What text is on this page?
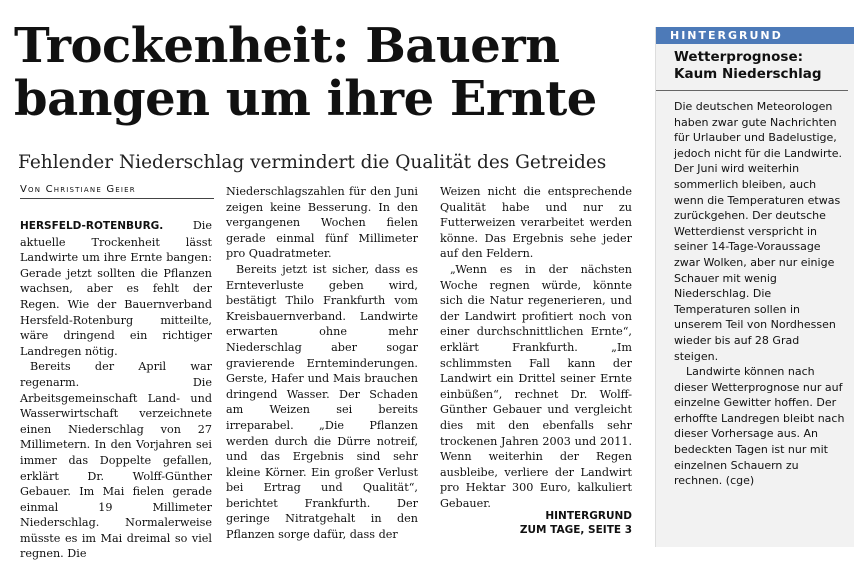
Trockenheit: Bauern
bangen um ihre Ernte

Fehlender Niederschlag vermindert die Qualität des Getreides

Von Christiane Geier

HERSFELD-ROTENBURG.	Die aktuelle Trockenheit lässt Landwirte um ihre Ernte bangen: Gerade jetzt sollten die Pflanzen wachsen, aber es fehlt der Regen. Wie der Bauernverband Hersfeld-Rotenburg mitteilte, wäre dringend ein richtiger Landregen nötig.

Bereits der April war regenarm. Die Arbeitsgemeinschaft Land- und Wasserwirtschaft verzeichnete einen Niederschlag von 27 Millimetern. In den Vorjahren sei immer das Doppelte gefallen, erklärt Dr. Wolff-Günther Gebauer. Im Mai fielen gerade einmal 19 Millimeter Niederschlag. Normalerweise müsste es im Mai dreimal so viel regnen. Die

Niederschlagszahlen für den Juni zeigen keine Besserung. In den vergangenen Wochen fielen gerade einmal fünf Millimeter pro Quadratmeter.

Bereits jetzt ist sicher, dass es Ernteverluste geben wird, bestätigt Thilo Frankfurth vom Kreisbauernverband. Landwirte erwarten ohne mehr Niederschlag aber sogar gravierende Ernteminderungen. Gerste, Hafer und Mais brauchen dringend Wasser. Der Schaden am Weizen sei bereits irreparabel. „Die Pflanzen werden durch die Dürre notreif, und das Ergebnis sind sehr kleine Körner. Ein großer Verlust bei Ertrag und Qualität“, berichtet Frankfurth. Der geringe Nitratgehalt in den Pflanzen sorge dafür, dass der

Weizen nicht die entsprechende Qualität habe und nur zu Futterweizen verarbeitet werden könne. Das Ergebnis sehe jeder auf den Feldern.

„Wenn es in der nächsten Woche regnen würde, könnte sich die Natur regenerieren, und der Landwirt profitiert noch von einer durchschnittlichen Ernte“, erklärt Frankfurth. „Im schlimmsten Fall kann der Landwirt ein Drittel seiner Ernte einbüßen“, rechnet Dr. Wolff-Günther Gebauer und vergleicht dies mit den ebenfalls sehr trockenen Jahren 2003 und 2011. Wenn weiterhin der Regen ausbleibe, verliere der Landwirt pro Hektar 300 Euro, kalkuliert Gebauer.

HINTERGRUND
ZUM TAGE, SEITE 3
HINTERGRUND
Wetterprognose:
Kaum Niederschlag

Die deutschen Meteorologen haben zwar gute Nachrichten für Urlauber und Badelustige, jedoch nicht für die Landwirte. Der Juni wird weiterhin sommerlich bleiben, auch wenn die Temperaturen etwas zurückgehen. Der deutsche Wetterdienst verspricht in seiner 14-Tage-Voraussage zwar Wolken, aber nur einige Schauer mit wenig Niederschlag. Die Temperaturen sollen in unserem Teil von Nordhessen wieder bis auf 28 Grad steigen.

Landwirte können nach dieser Wetterprognose nur auf einzelne Gewitter hoffen. Der erhoffte Landregen bleibt nach dieser Vorhersage aus. An bedeckten Tagen ist nur mit einzelnen Schauern zu rechnen. (cge)
